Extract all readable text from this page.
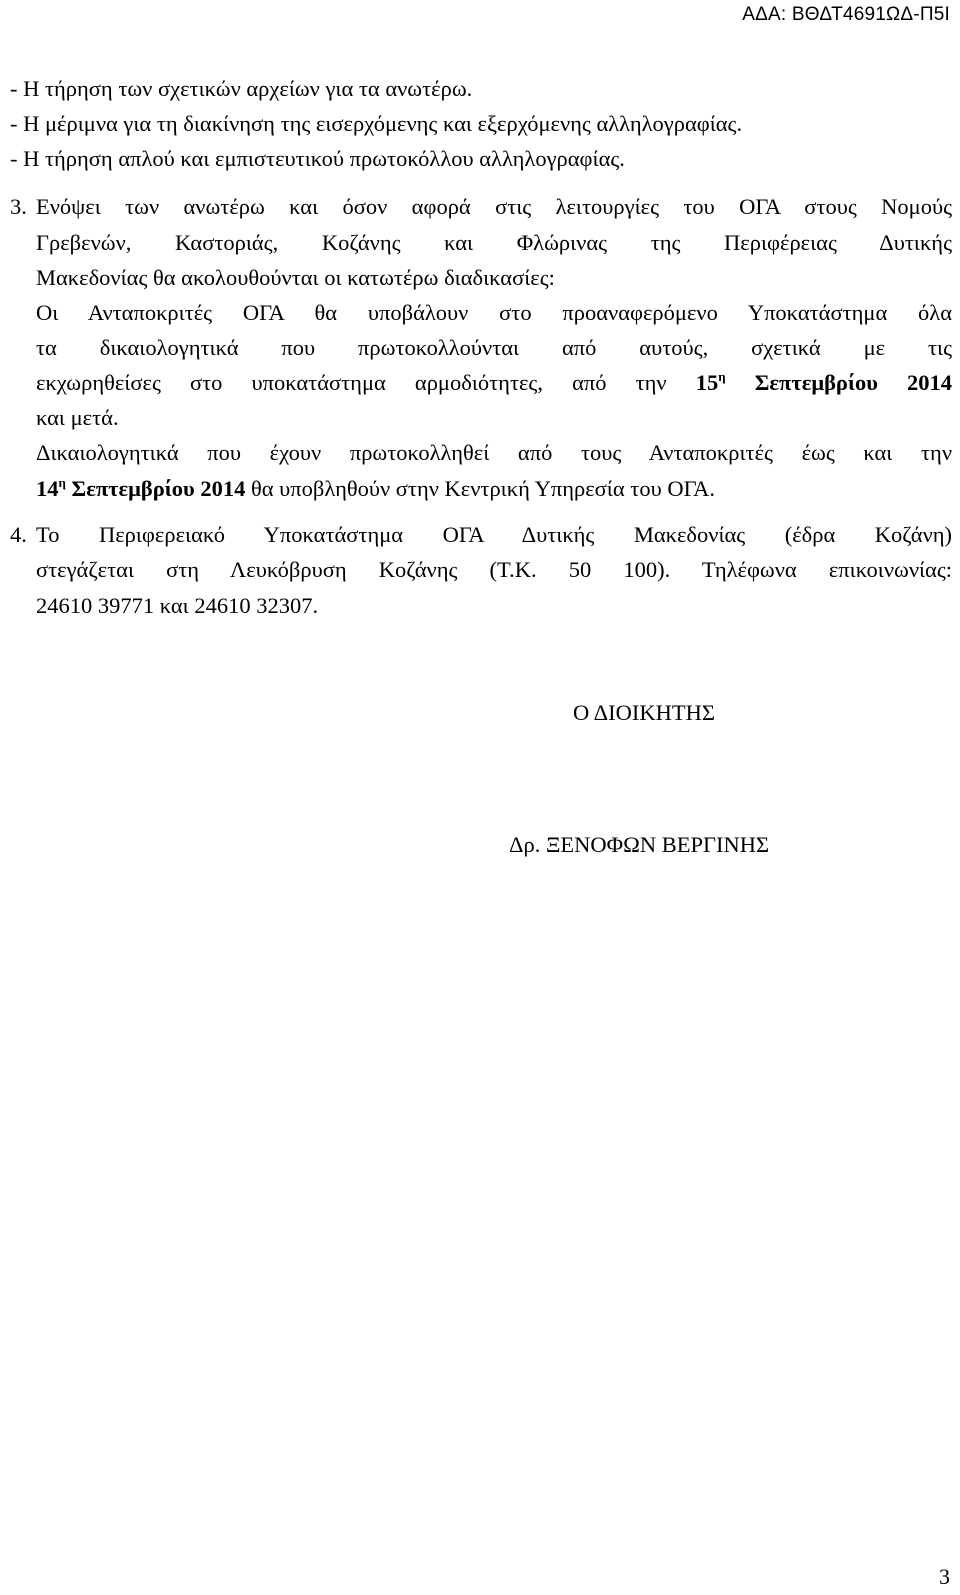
ΑΔΑ: ΒΘΔΤ4691ΩΔ-Π5Ι
- Η τήρηση των σχετικών αρχείων για τα ανωτέρω.
- Η μέριμνα για τη διακίνηση της εισερχόμενης και εξερχόμενης αλληλογραφίας.
- Η τήρηση απλού και εμπιστευτικού πρωτοκόλλου αλληλογραφίας.
3. Ενόψει των ανωτέρω και όσον αφορά στις λειτουργίες του ΟΓΑ στους Νομούς
Γρεβενών, Καστοριάς, Κοζάνης και Φλώρινας της Περιφέρειας Δυτικής
Μακεδονίας θα ακολουθούνται οι κατωτέρω διαδικασίες:
Οι Ανταποκριτές ΟΓΑ θα υποβάλουν στο προαναφερόμενο Υποκατάστημα όλα
τα δικαιολογητικά που πρωτοκολλούνται από αυτούς, σχετικά με τις
εκχωρηθείσες στο υποκατάστημα αρμοδιότητες, από την $15^\eta$ Σεπτεμβρίου 2014
και μετά.
Δικαιολογητικά που έχουν πρωτοκολληθεί από τους Ανταποκριτές έως και την
$14^\eta$ Σεπτεμβρίου 2014 θα υποβληθούν στην Κεντρική Υπηρεσία του ΟΓΑ.
4. Το Περιφερειακό Υποκατάστημα ΟΓΑ Δυτικής Μακεδονίας (έδρα Κοζάνη)
στεγάζεται στη Λευκόβρυση Κοζάνης (Τ.Κ. 50 100). Τηλέφωνα επικοινωνίας:
24610 39771 και 24610 32307.
Ο ΔΙΟΙΚΗΤΗΣ
Δρ. ΞΕΝΟΦΩΝ ΒΕΡΓΙΝΗΣ
3
